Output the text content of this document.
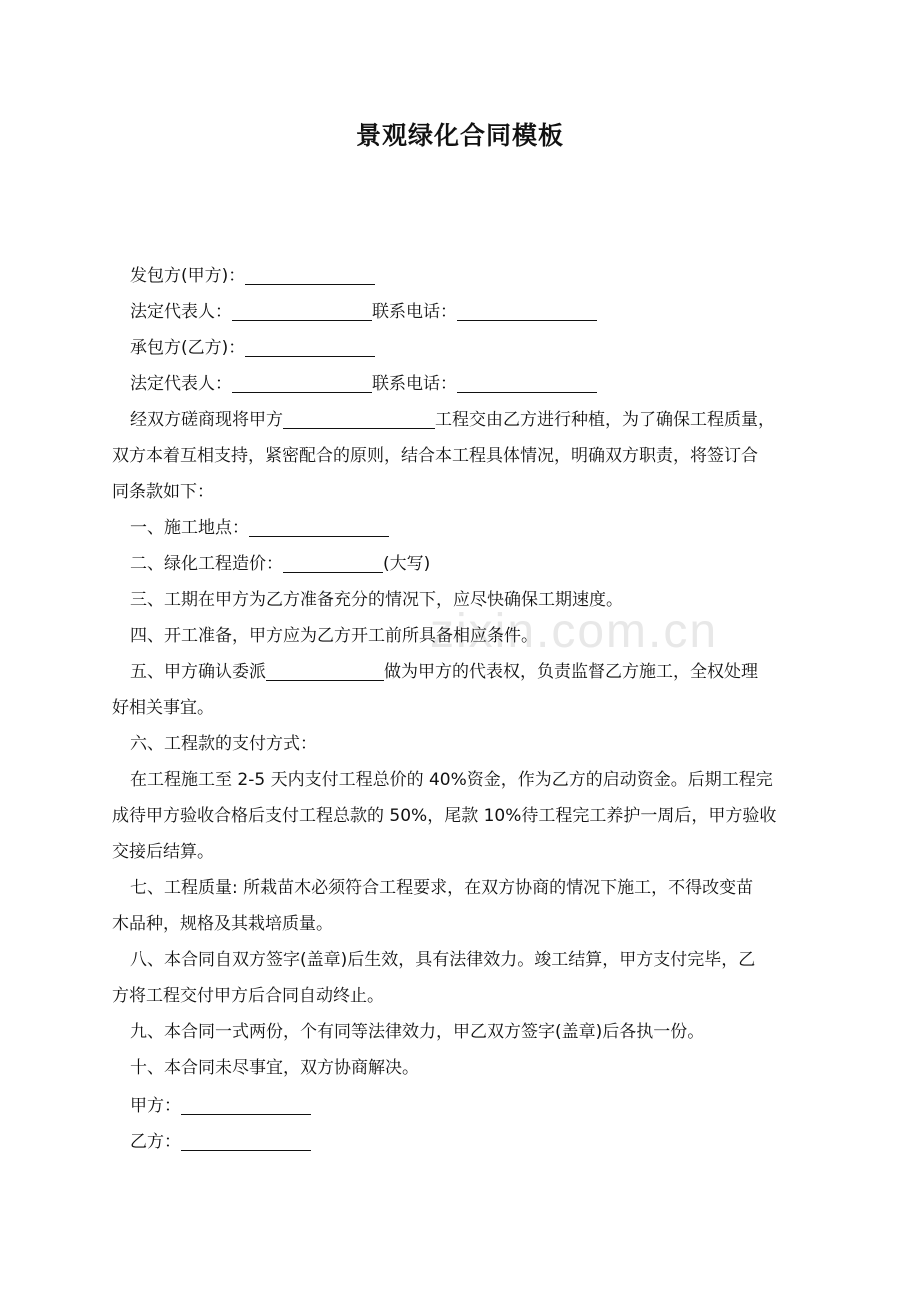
zixin.com.cn
景观绿化合同模板
发包方(甲方)：
法定代表人：	联系电话：
承包方(乙方)：
法定代表人：	联系电话：
经双方磋商现将甲方	工程交由乙方进行种植，为了确保工程质量，
双方本着互相支持，紧密配合的原则，结合本工程具体情况，明确双方职责，将签订合
同条款如下：
一、施工地点：
二、绿化工程造价：	(大写)
三、工期在甲方为乙方准备充分的情况下，应尽快确保工期速度。
四、开工准备，甲方应为乙方开工前所具备相应条件。
五、甲方确认委派	做为甲方的代表权，负责监督乙方施工，全权处理
好相关事宜。
六、工程款的支付方式：
在工程施工至 2-5 天内支付工程总价的 40%资金，作为乙方的启动资金。后期工程完
成待甲方验收合格后支付工程总款的 50%，尾款 10%待工程完工养护一周后，甲方验收
交接后结算。
七、工程质量: 所栽苗木必须符合工程要求，在双方协商的情况下施工，不得改变苗
木品种，规格及其栽培质量。
八、本合同自双方签字(盖章)后生效，具有法律效力。竣工结算，甲方支付完毕，乙
方将工程交付甲方后合同自动终止。
九、本合同一式两份，个有同等法律效力，甲乙双方签字(盖章)后各执一份。
十、本合同未尽事宜，双方协商解决。
甲方：
乙方：
